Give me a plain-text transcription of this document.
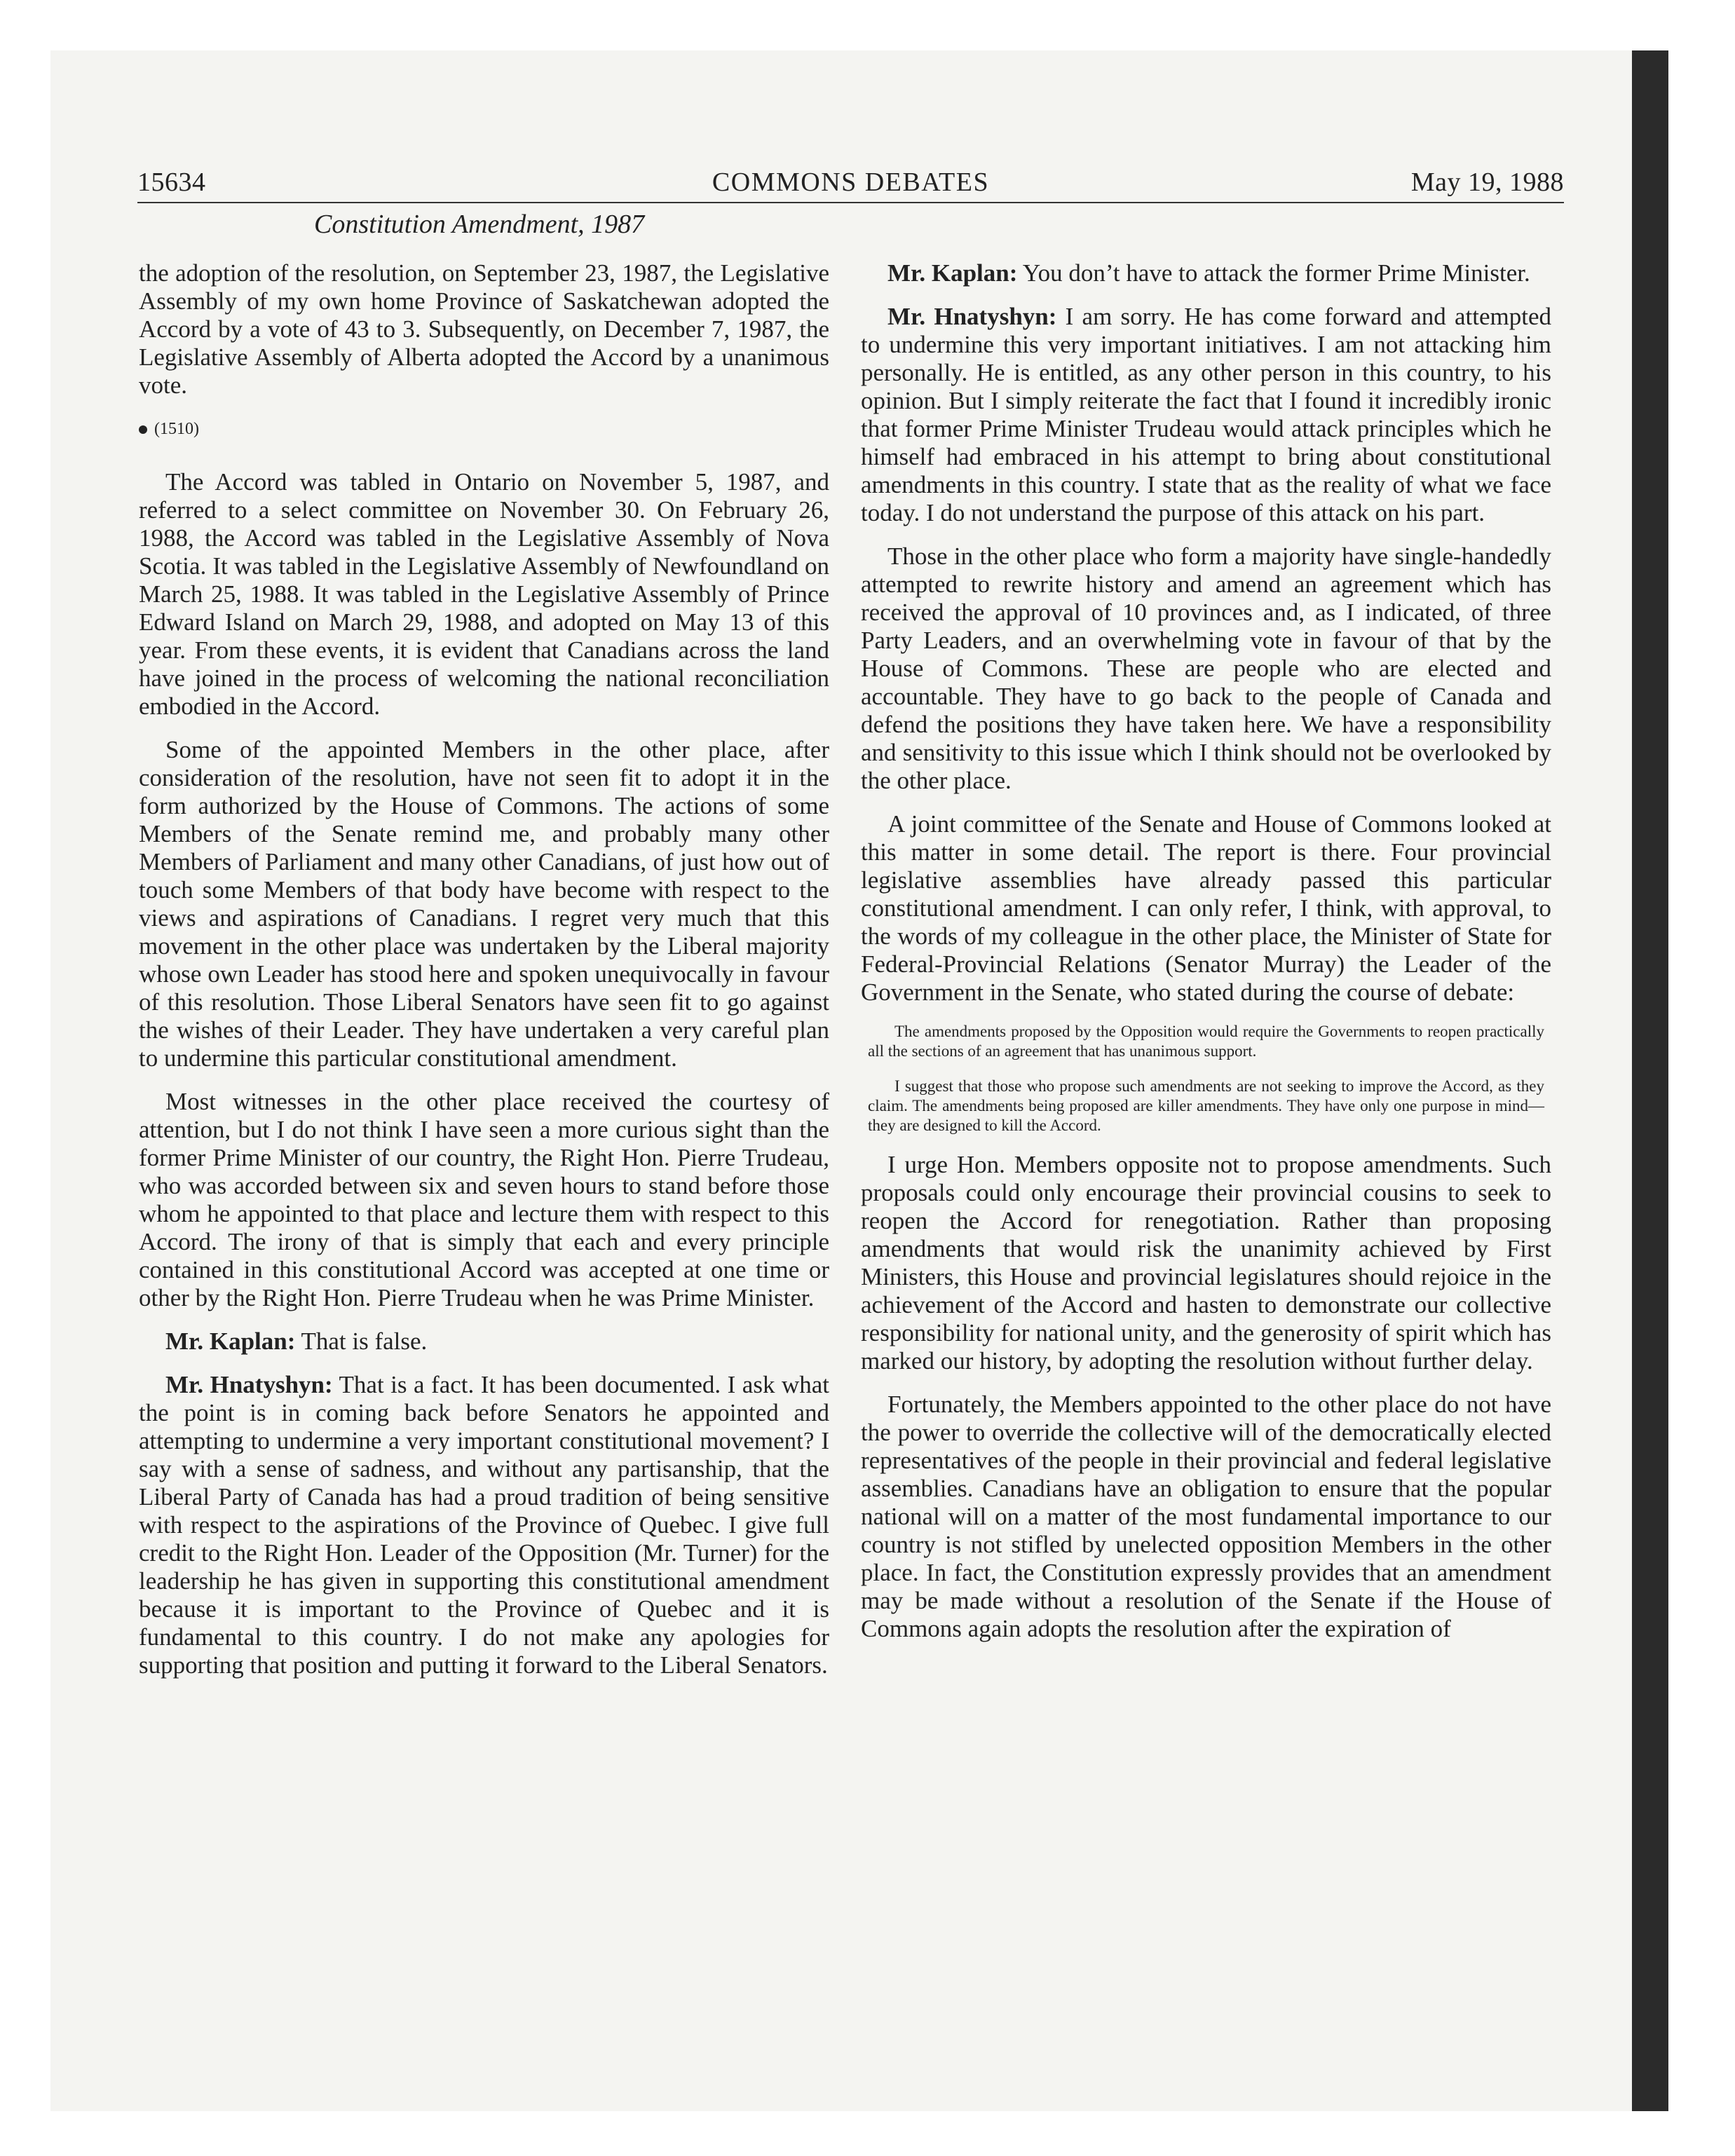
15634	COMMONS DEBATES	May 19, 1988
Constitution Amendment, 1987

the adoption of the resolution, on September 23, 1987, the Legislative Assembly of my own home Province of Saskatchewan adopted the Accord by a vote of 43 to 3. Subsequently, on December 7, 1987, the Legislative Assembly of Alberta adopted the Accord by a unanimous vote.

(1510)

The Accord was tabled in Ontario on November 5, 1987, and referred to a select committee on November 30. On February 26, 1988, the Accord was tabled in the Legislative Assembly of Nova Scotia. It was tabled in the Legislative Assembly of Newfoundland on March 25, 1988. It was tabled in the Legislative Assembly of Prince Edward Island on March 29, 1988, and adopted on May 13 of this year. From these events, it is evident that Canadians across the land have joined in the process of welcoming the national reconciliation embodied in the Accord.

Some of the appointed Members in the other place, after consideration of the resolution, have not seen fit to adopt it in the form authorized by the House of Commons. The actions of some Members of the Senate remind me, and probably many other Members of Parliament and many other Canadians, of just how out of touch some Members of that body have become with respect to the views and aspirations of Canadians. I regret very much that this movement in the other place was undertaken by the Liberal majority whose own Leader has stood here and spoken unequivocally in favour of this resolution. Those Liberal Senators have seen fit to go against the wishes of their Leader. They have undertaken a very careful plan to undermine this particular constitutional amendment.

Most witnesses in the other place received the courtesy of attention, but I do not think I have seen a more curious sight than the former Prime Minister of our country, the Right Hon. Pierre Trudeau, who was accorded between six and seven hours to stand before those whom he appointed to that place and lecture them with respect to this Accord. The irony of that is simply that each and every principle contained in this constitutional Accord was accepted at one time or other by the Right Hon. Pierre Trudeau when he was Prime Minister.

Mr. Kaplan: That is false.

Mr. Hnatyshyn: That is a fact. It has been documented. I ask what the point is in coming back before Senators he appointed and attempting to undermine a very important constitutional movement? I say with a sense of sadness, and without any partisanship, that the Liberal Party of Canada has had a proud tradition of being sensitive with respect to the aspirations of the Province of Quebec. I give full credit to the Right Hon. Leader of the Opposition (Mr. Turner) for the leadership he has given in supporting this constitutional amendment because it is important to the Province of Quebec and it is fundamental to this country. I do not make any apologies for supporting that position and putting it forward to the Liberal Senators.

Mr. Kaplan: You don’t have to attack the former Prime Minister.

Mr. Hnatyshyn: I am sorry. He has come forward and attempted to undermine this very important initiatives. I am not attacking him personally. He is entitled, as any other person in this country, to his opinion. But I simply reiterate the fact that I found it incredibly ironic that former Prime Minister Trudeau would attack principles which he himself had embraced in his attempt to bring about constitutional amendments in this country. I state that as the reality of what we face today. I do not understand the purpose of this attack on his part.

Those in the other place who form a majority have single-handedly attempted to rewrite history and amend an agreement which has received the approval of 10 provinces and, as I indicated, of three Party Leaders, and an overwhelming vote in favour of that by the House of Commons. These are people who are elected and accountable. They have to go back to the people of Canada and defend the positions they have taken here. We have a responsibility and sensitivity to this issue which I think should not be overlooked by the other place.

A joint committee of the Senate and House of Commons looked at this matter in some detail. The report is there. Four provincial legislative assemblies have already passed this particular constitutional amendment. I can only refer, I think, with approval, to the words of my colleague in the other place, the Minister of State for Federal-Provincial Relations (Senator Murray) the Leader of the Government in the Senate, who stated during the course of debate:

The amendments proposed by the Opposition would require the Governments to reopen practically all the sections of an agreement that has unanimous support.

I suggest that those who propose such amendments are not seeking to improve the Accord, as they claim. The amendments being proposed are killer amendments. They have only one purpose in mind—they are designed to kill the Accord.

I urge Hon. Members opposite not to propose amendments. Such proposals could only encourage their provincial cousins to seek to reopen the Accord for renegotiation. Rather than proposing amendments that would risk the unanimity achieved by First Ministers, this House and provincial legislatures should rejoice in the achievement of the Accord and hasten to demonstrate our collective responsibility for national unity, and the generosity of spirit which has marked our history, by adopting the resolution without further delay.

Fortunately, the Members appointed to the other place do not have the power to override the collective will of the democratically elected representatives of the people in their provincial and federal legislative assemblies. Canadians have an obligation to ensure that the popular national will on a matter of the most fundamental importance to our country is not stifled by unelected opposition Members in the other place. In fact, the Constitution expressly provides that an amendment may be made without a resolution of the Senate if the House of Commons again adopts the resolution after the expiration of
